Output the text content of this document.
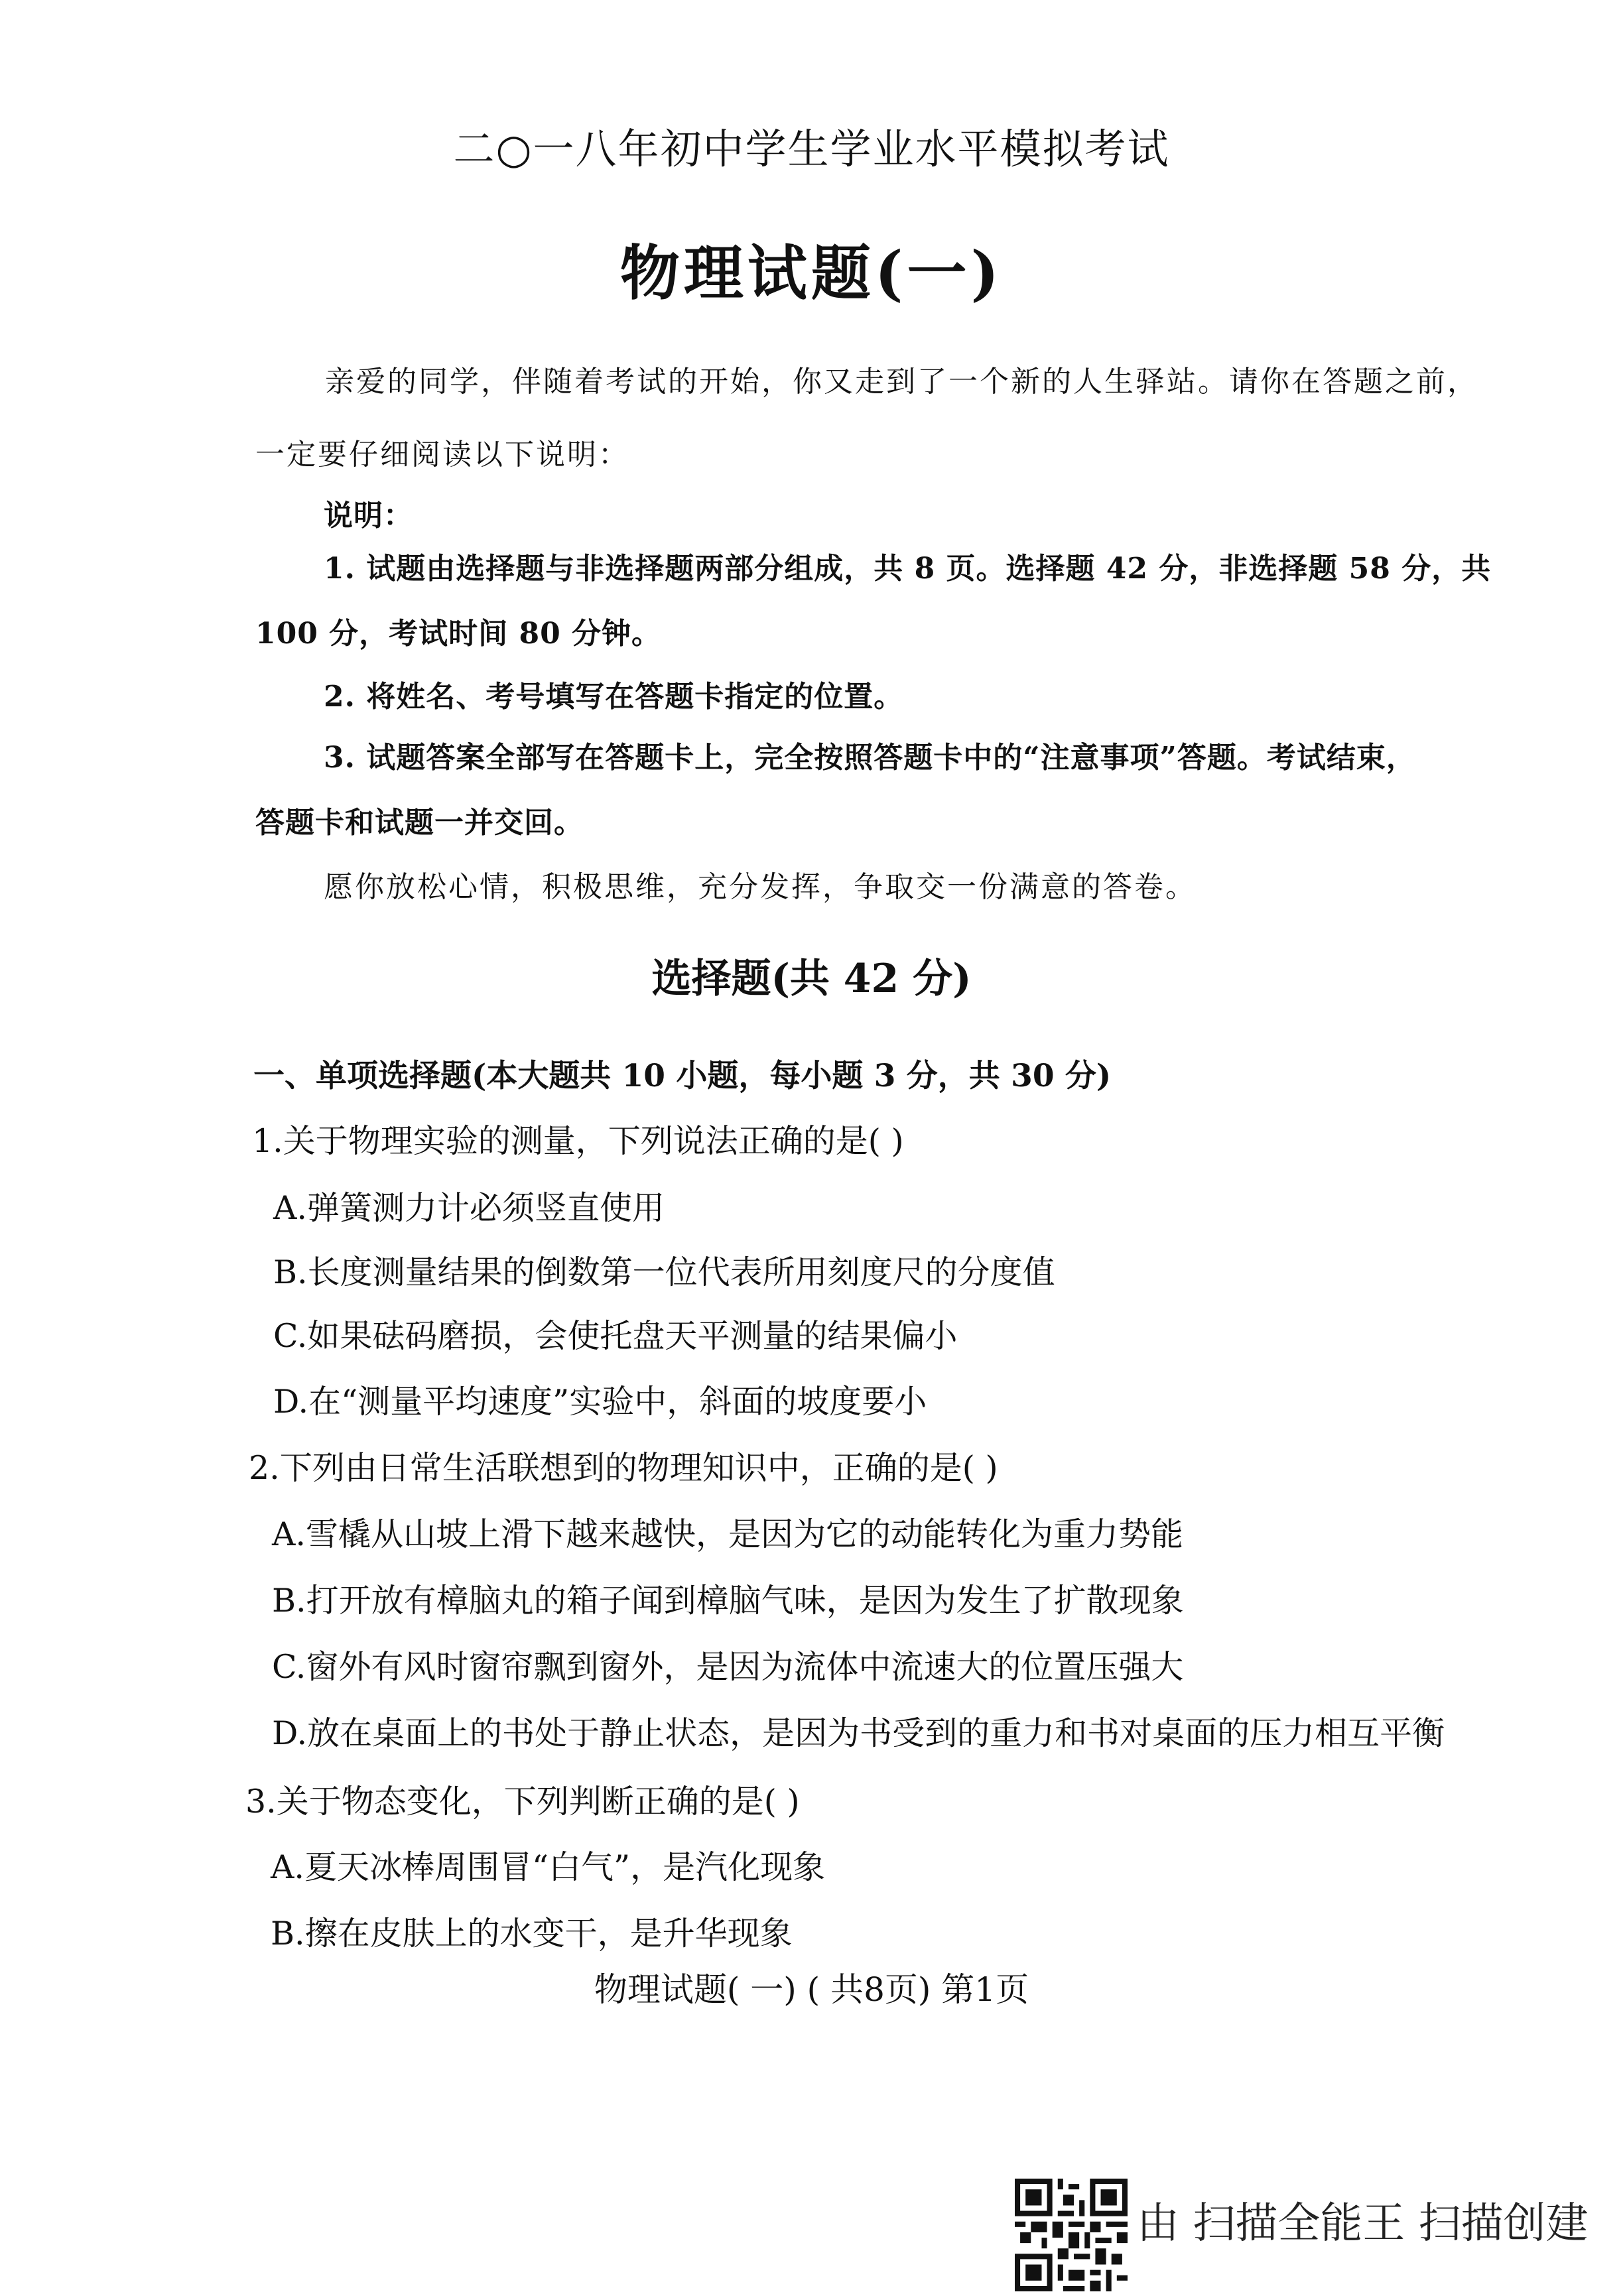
二○一八年初中学生学业水平模拟考试
物理试题(一)
亲爱的同学，伴随着考试的开始，你又走到了一个新的人生驿站。请你在答题之前，
一定要仔细阅读以下说明：
说明：
1. 试题由选择题与非选择题两部分组成，共 8 页。选择题 42 分，非选择题 58 分，共
100 分，考试时间 80 分钟。
2. 将姓名、考号填写在答题卡指定的位置。
3. 试题答案全部写在答题卡上，完全按照答题卡中的“注意事项”答题。考试结束，
答题卡和试题一并交回。
愿你放松心情，积极思维，充分发挥，争取交一份满意的答卷。
选择题(共 42 分)
一、单项选择题(本大题共 10 小题，每小题 3 分，共 30 分)
1.关于物理实验的测量，下列说法正确的是( )
A.弹簧测力计必须竖直使用
B.长度测量结果的倒数第一位代表所用刻度尺的分度值
C.如果砝码磨损，会使托盘天平测量的结果偏小
D.在“测量平均速度”实验中，斜面的坡度要小
2.下列由日常生活联想到的物理知识中，正确的是( )
A.雪橇从山坡上滑下越来越快，是因为它的动能转化为重力势能
B.打开放有樟脑丸的箱子闻到樟脑气味，是因为发生了扩散现象
C.窗外有风时窗帘飘到窗外，是因为流体中流速大的位置压强大
D.放在桌面上的书处于静止状态，是因为书受到的重力和书对桌面的压力相互平衡
3.关于物态变化，下列判断正确的是( )
A.夏天冰棒周围冒“白气”，是汽化现象
B.擦在皮肤上的水变干，是升华现象
物理试题( 一) ( 共8页) 第1页
由 扫描全能王 扫描创建
